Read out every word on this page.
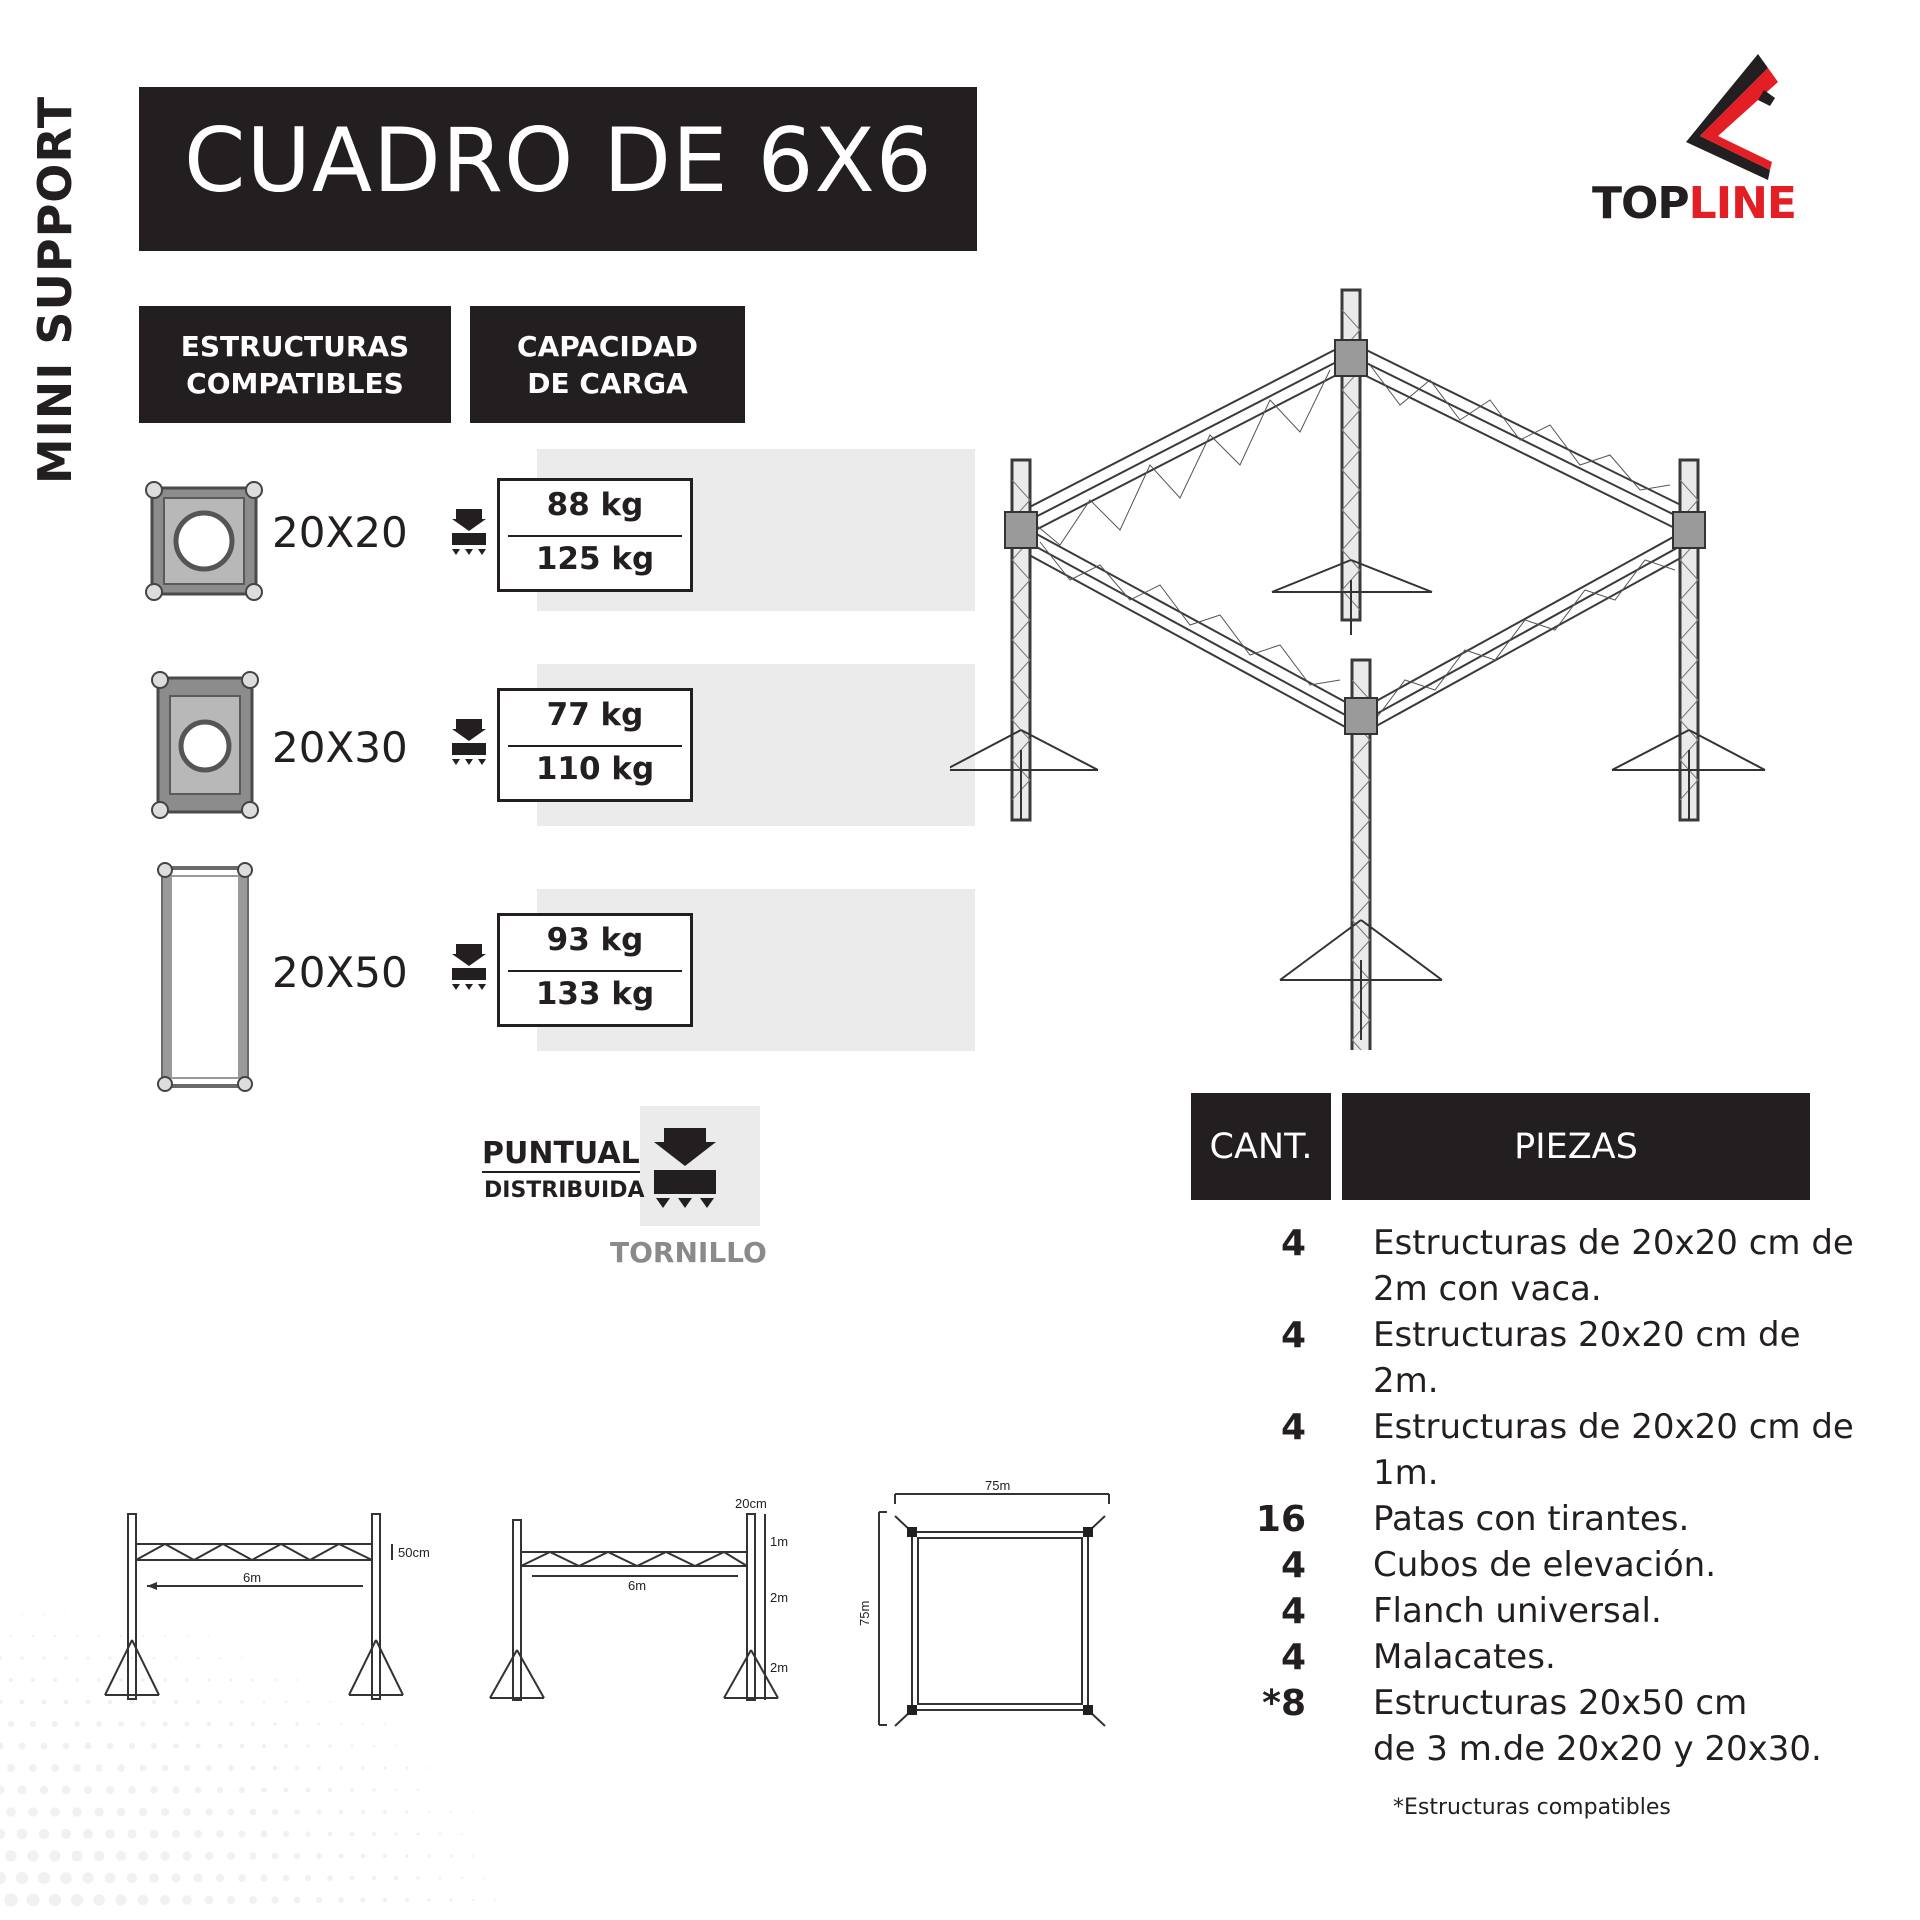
MINI SUPPORT CUADRO DE 6X6	TOPLINE
ESTRUCTURAS
COMPATIBLES
CAPACIDAD
DE CARGA
20X20
88 kg
125 kg
20X30
77 kg
110 kg
20X50
93 kg
133 kg
PUNTUAL
DISTRIBUIDA
TORNILLO
CANT.	PIEZAS
4 Estructuras de 20x20 cm de
2m con vaca.
4 Estructuras 20x20 cm de
2m.
4 Estructuras de 20x20 cm de
1m.
16 Patas con tirantes.
4 Cubos de elevación.
4 Flanch universal.
4 Malacates.
*8 Estructuras 20x50 cm
de 3 m.de 20x20 y 20x30.
*Estructuras compatibles
6m
50cm
6m
20cm
1m
2m
2m
75m
75m
